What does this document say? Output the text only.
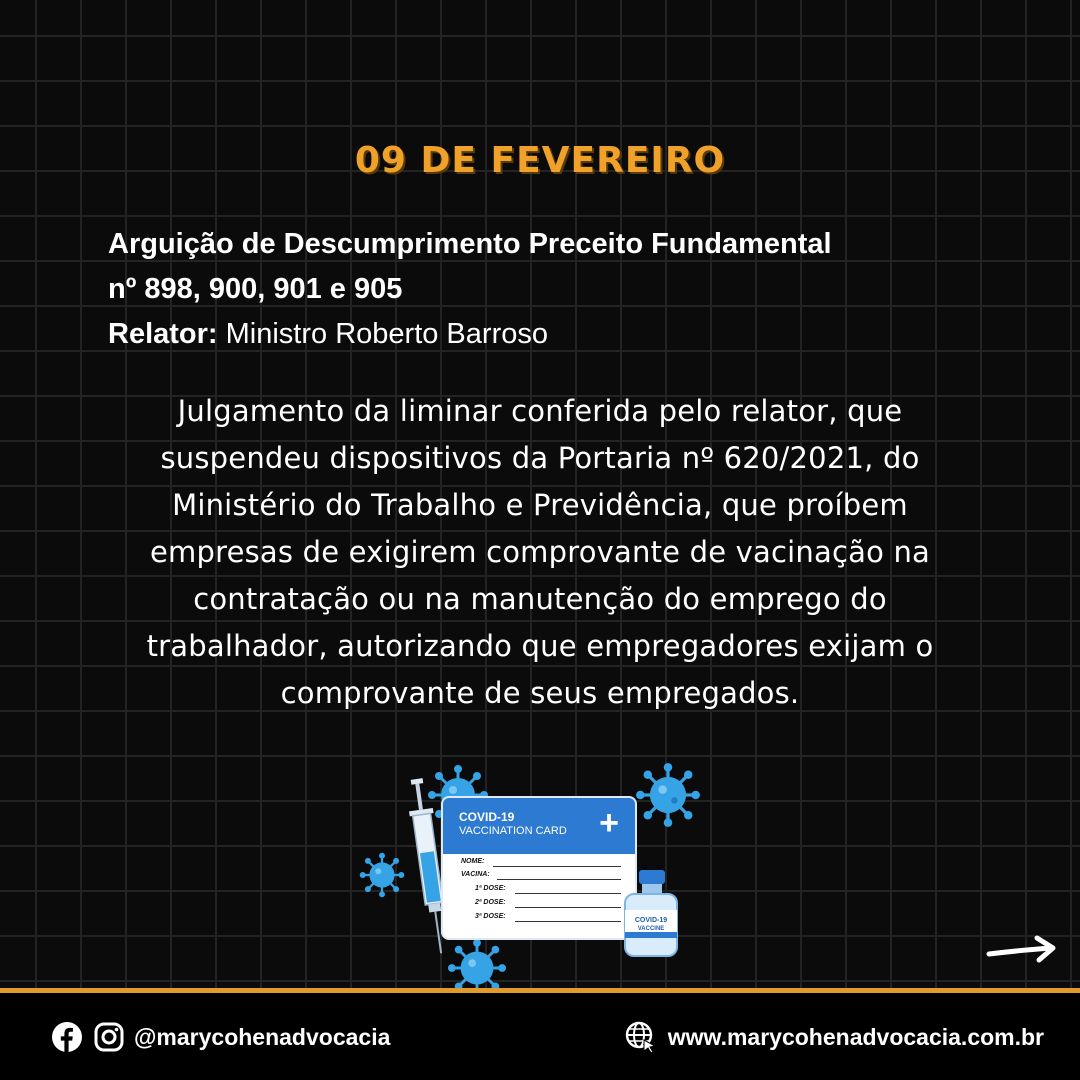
09 DE FEVEREIRO
Arguição de Descumprimento Preceito Fundamental
nº 898, 900, 901 e 905
Relator: Ministro Roberto Barroso
Julgamento da liminar conferida pelo relator, que
suspendeu dispositivos da Portaria nº 620/2021, do
Ministério do Trabalho e Previdência, que proíbem
empresas de exigirem comprovante de vacinação na
contratação ou na manutenção do emprego do
trabalhador, autorizando que empregadores exijam o
comprovante de seus empregados.
COVID-19
VACCINATION CARD +
NOME:
VACINA:
1ª DOSE:
2ª DOSE:
3ª DOSE:
COVID-19
VACCINE
@marycohenadvocacia	www.marycohenadvocacia.com.br
